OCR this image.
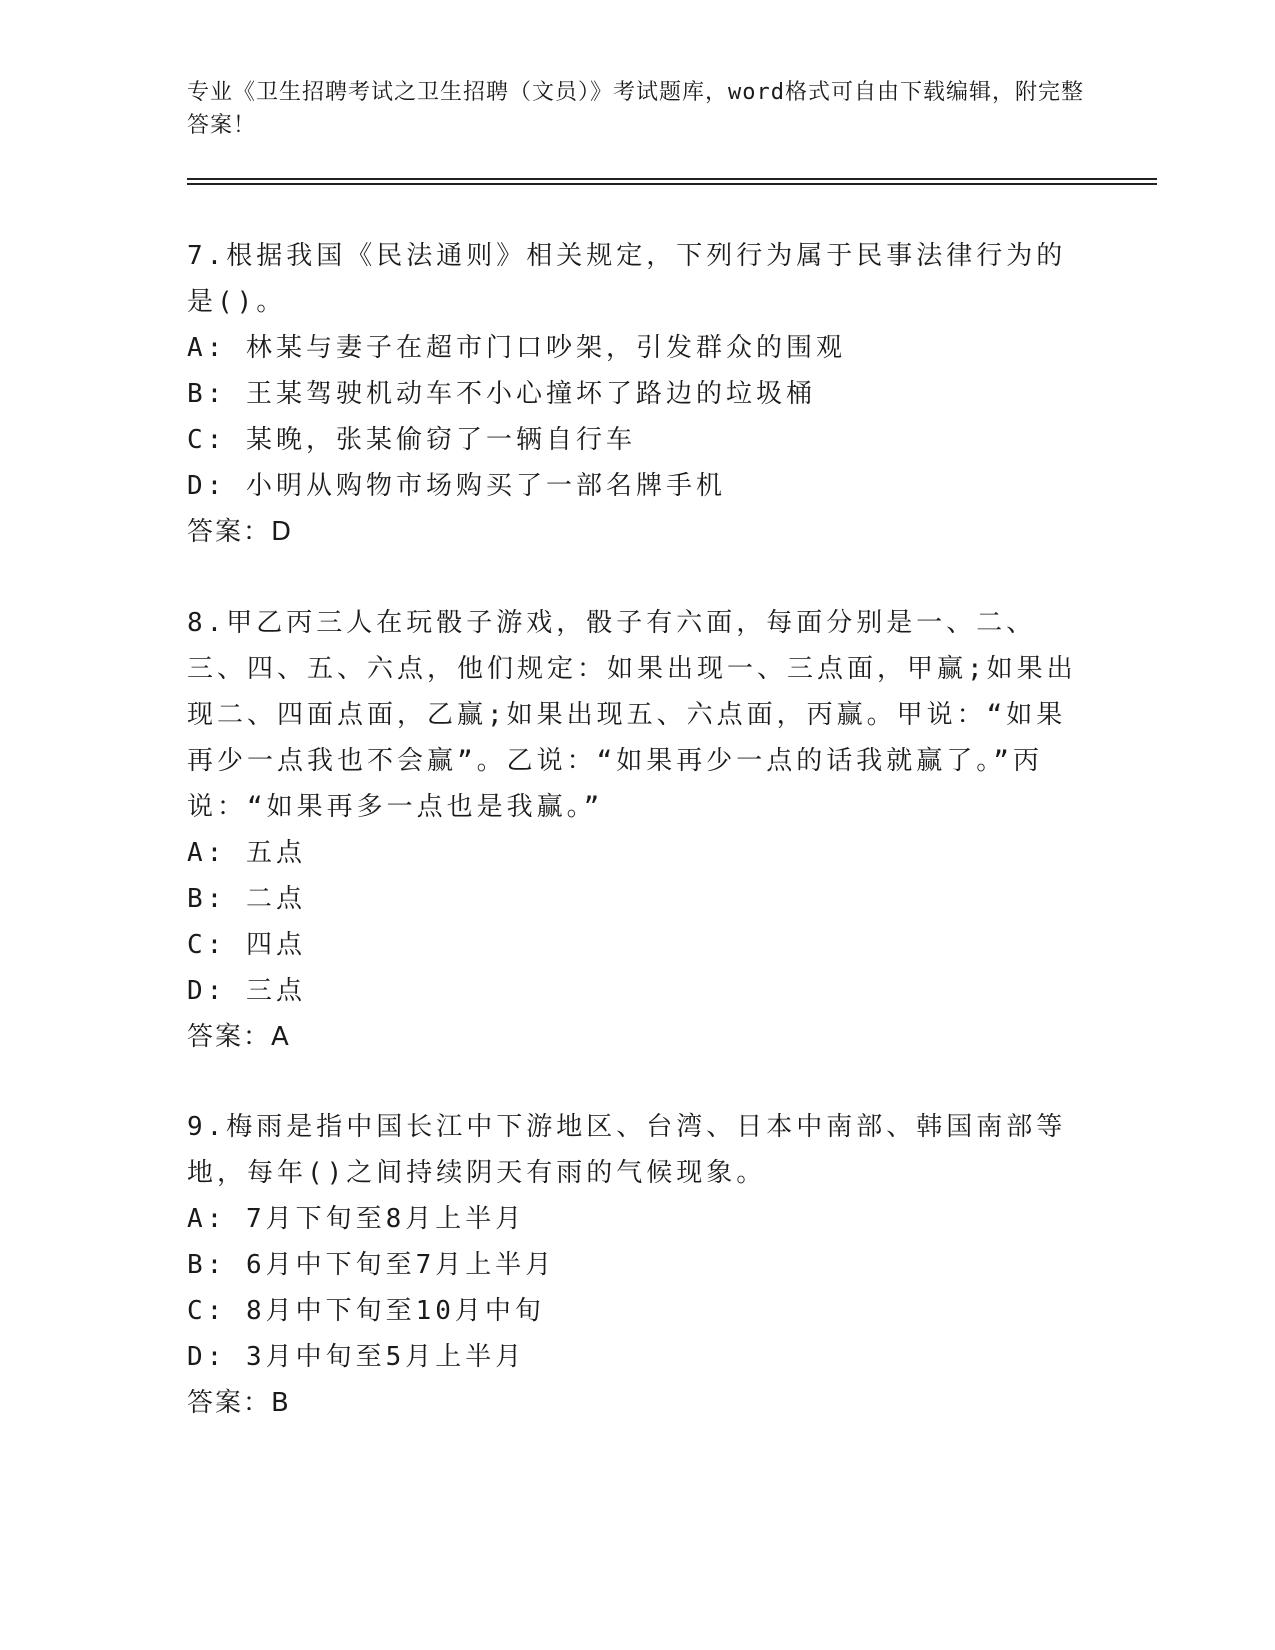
专业《卫生招聘考试之卫生招聘（文员）》考试题库，word格式可自由下载编辑，附完整答案！

7.根据我国《民法通则》相关规定，下列行为属于民事法律行为的是()。

A: 林某与妻子在超市门口吵架，引发群众的围观

B: 王某驾驶机动车不小心撞坏了路边的垃圾桶

C: 某晚，张某偷窃了一辆自行车

D: 小明从购物市场购买了一部名牌手机

答案：D

8.甲乙丙三人在玩骰子游戏，骰子有六面，每面分别是一、二、三、四、五、六点，他们规定：如果出现一、三点面，甲赢;如果出现二、四面点面，乙赢;如果出现五、六点面，丙赢。甲说：“如果再少一点我也不会赢”。乙说：“如果再少一点的话我就赢了。”丙说：“如果再多一点也是我赢。”

A: 五点

B: 二点

C: 四点

D: 三点

答案：A

9.梅雨是指中国长江中下游地区、台湾、日本中南部、韩国南部等地，每年()之间持续阴天有雨的气候现象。

A: 7月下旬至8月上半月

B: 6月中下旬至7月上半月

C: 8月中下旬至10月中旬

D: 3月中旬至5月上半月

答案：B
